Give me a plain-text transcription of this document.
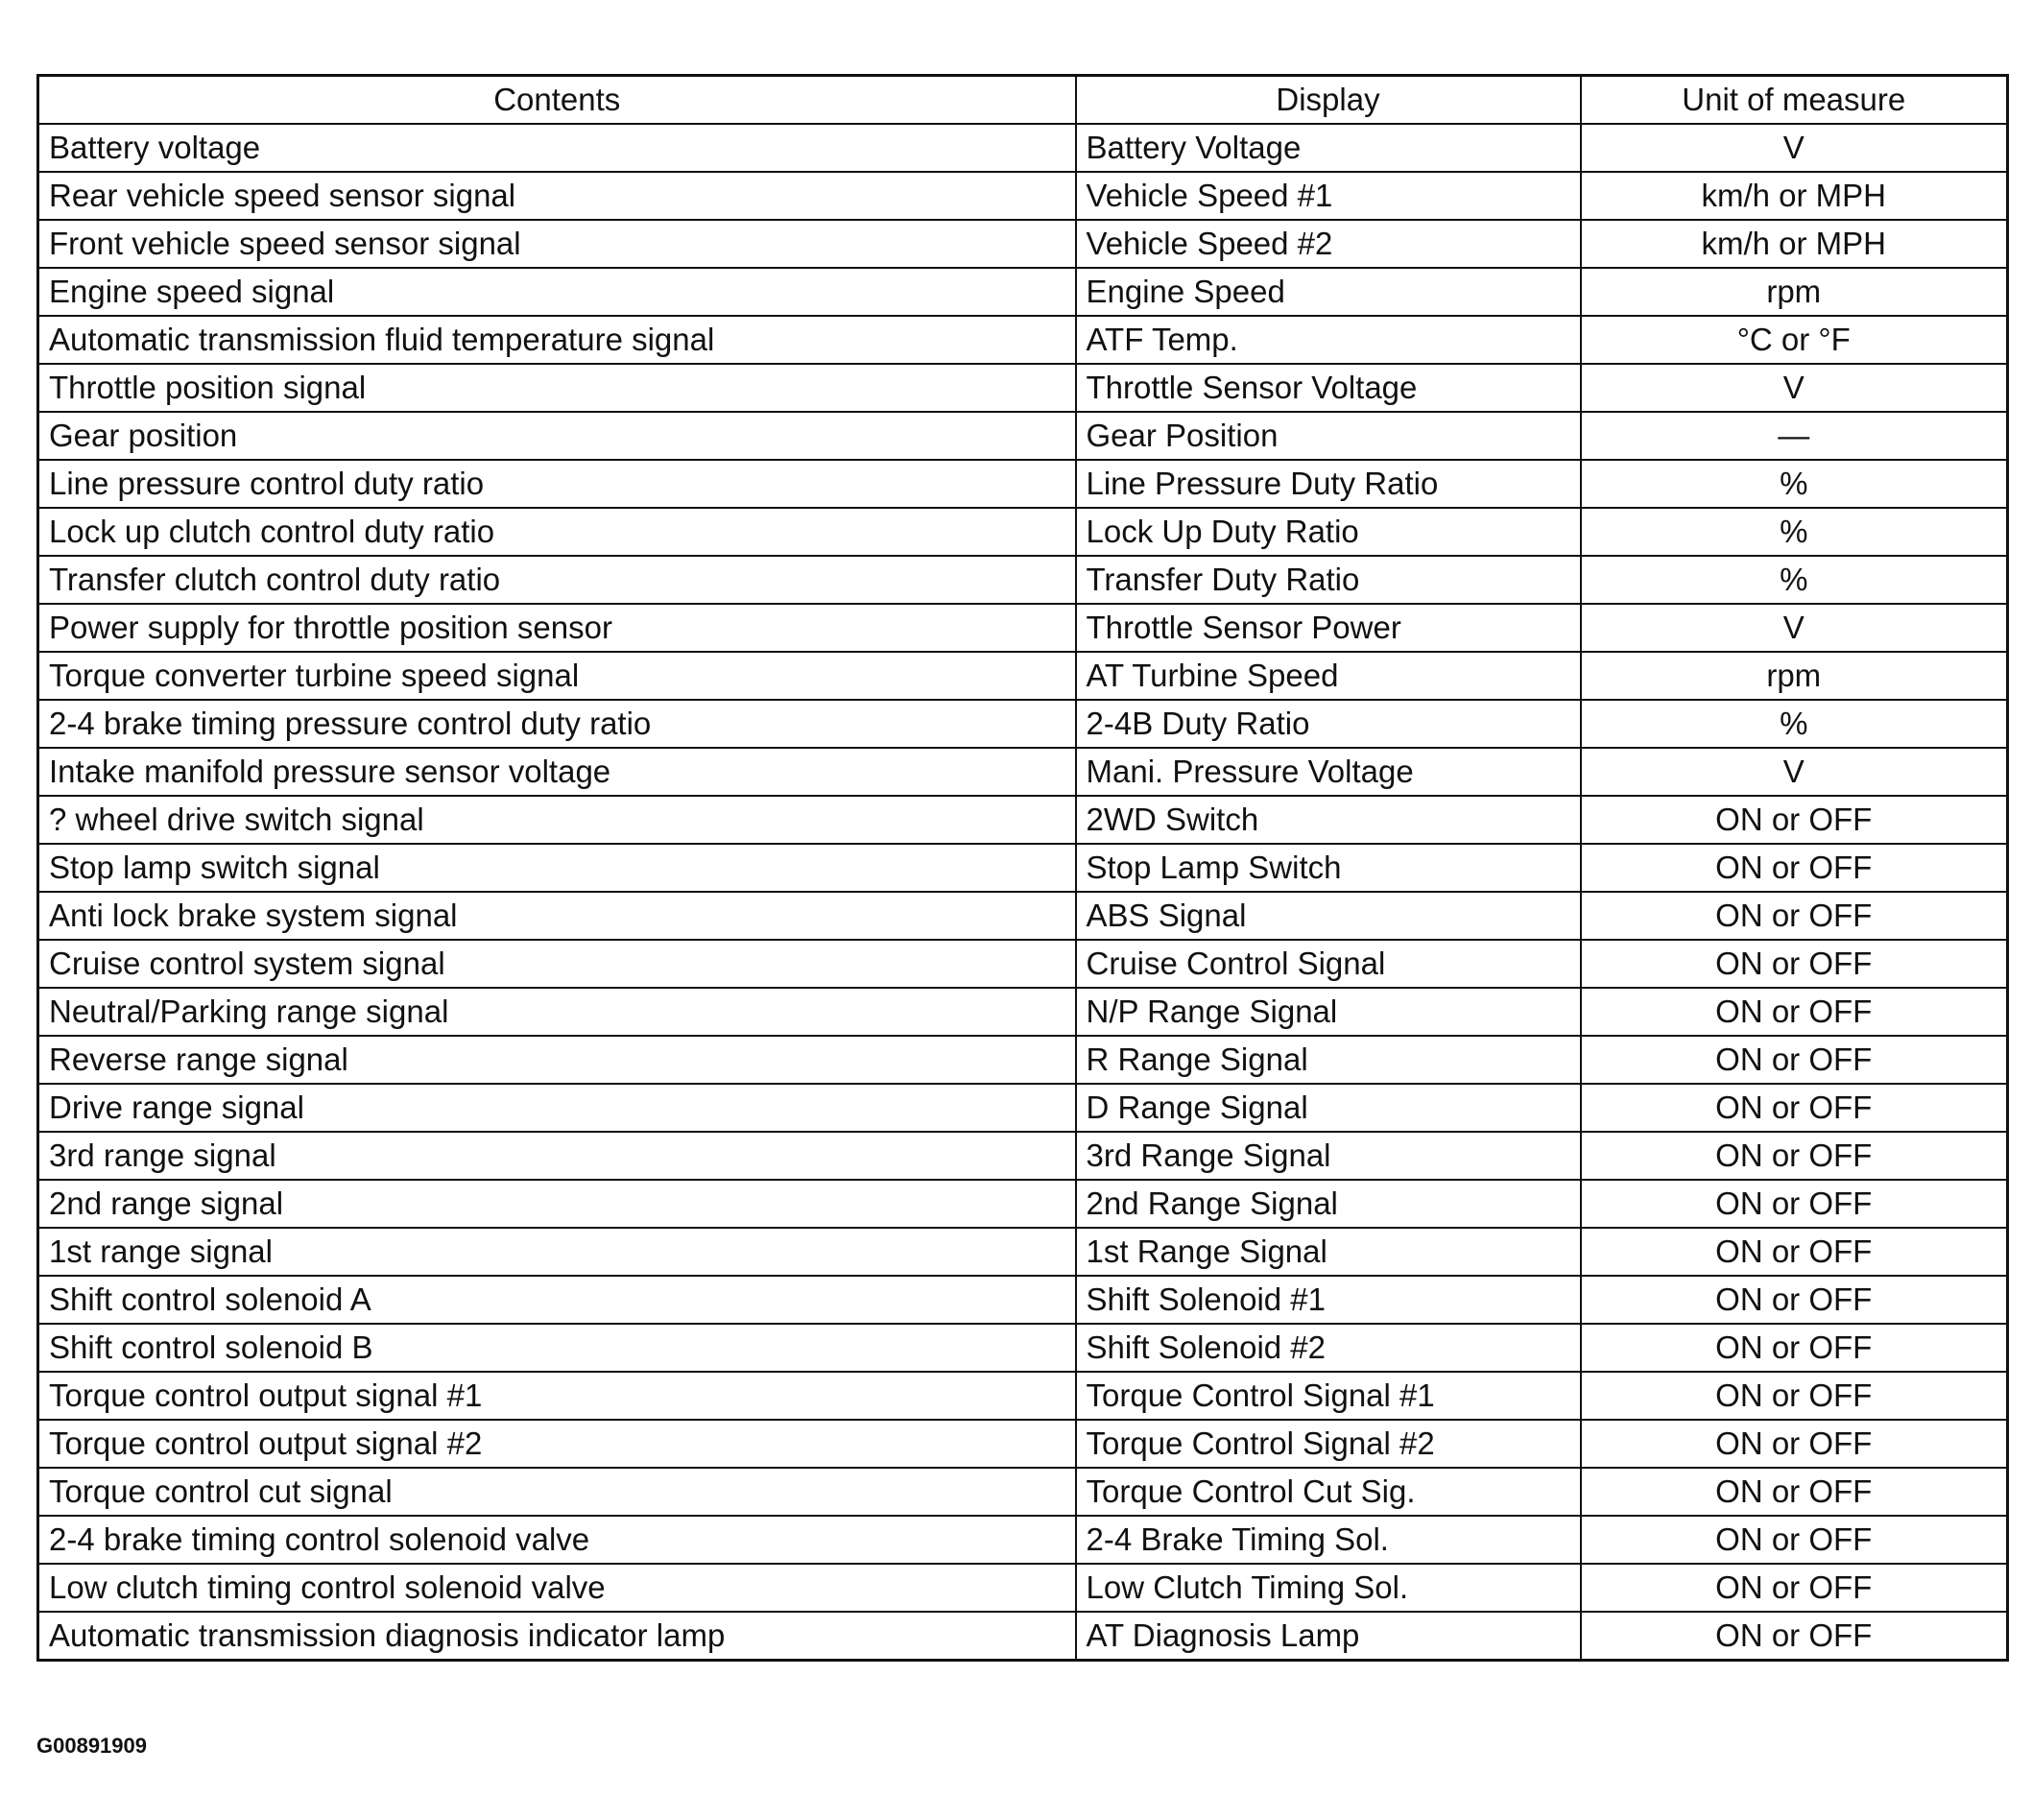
Contents	Display	Unit of measure
Battery voltage	Battery Voltage	V
Rear vehicle speed sensor signal	Vehicle Speed #1	km/h or MPH
Front vehicle speed sensor signal	Vehicle Speed #2	km/h or MPH
Engine speed signal	Engine Speed	rpm
Automatic transmission fluid temperature signal	ATF Temp.	°C or °F
Throttle position signal	Throttle Sensor Voltage	V
Gear position	Gear Position	—
Line pressure control duty ratio	Line Pressure Duty Ratio	%
Lock up clutch control duty ratio	Lock Up Duty Ratio	%
Transfer clutch control duty ratio	Transfer Duty Ratio	%
Power supply for throttle position sensor	Throttle Sensor Power	V
Torque converter turbine speed signal	AT Turbine Speed	rpm
2-4 brake timing pressure control duty ratio	2-4B Duty Ratio	%
Intake manifold pressure sensor voltage	Mani. Pressure Voltage	V
? wheel drive switch signal	2WD Switch	ON or OFF
Stop lamp switch signal	Stop Lamp Switch	ON or OFF
Anti lock brake system signal	ABS Signal	ON or OFF
Cruise control system signal	Cruise Control Signal	ON or OFF
Neutral/Parking range signal	N/P Range Signal	ON or OFF
Reverse range signal	R Range Signal	ON or OFF
Drive range signal	D Range Signal	ON or OFF
3rd range signal	3rd Range Signal	ON or OFF
2nd range signal	2nd Range Signal	ON or OFF
1st range signal	1st Range Signal	ON or OFF
Shift control solenoid A	Shift Solenoid #1	ON or OFF
Shift control solenoid B	Shift Solenoid #2	ON or OFF
Torque control output signal #1	Torque Control Signal #1	ON or OFF
Torque control output signal #2	Torque Control Signal #2	ON or OFF
Torque control cut signal	Torque Control Cut Sig.	ON or OFF
2-4 brake timing control solenoid valve	2-4 Brake Timing Sol.	ON or OFF
Low clutch timing control solenoid valve	Low Clutch Timing Sol.	ON or OFF
Automatic transmission diagnosis indicator lamp	AT Diagnosis Lamp	ON or OFF
G00891909
